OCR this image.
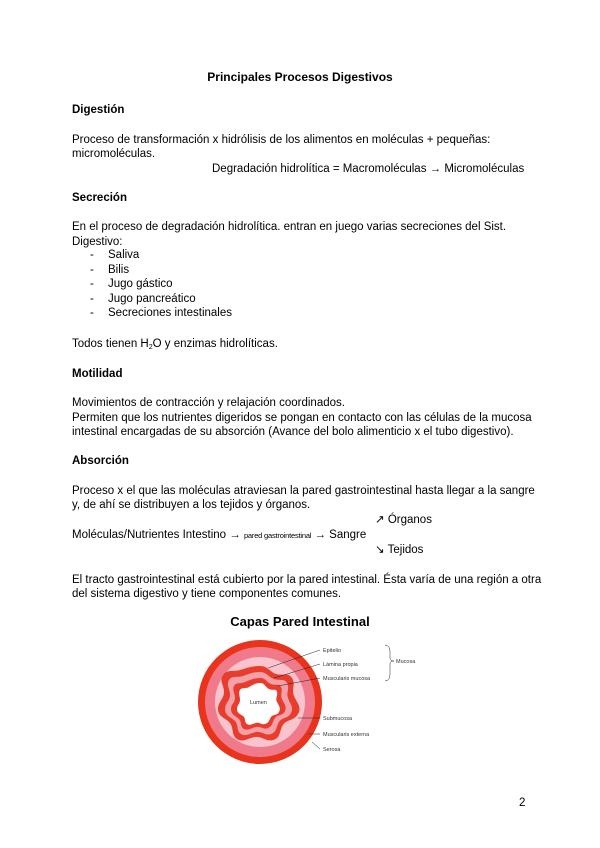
Principales Procesos Digestivos
Digestión
Proceso de transformación x hidrólisis de los alimentos en moléculas + pequeñas:
micromoléculas.
Degradación hidrolítica = Macromoléculas → Micromoléculas
Secreción
En el proceso de degradación hidrolítica. entran en juego varias secreciones del Sist.
Digestivo:
- Saliva
- Bilis
- Jugo gástico
- Jugo pancreático
- Secreciones intestinales
Todos tienen $H_2O$ y enzimas hidrolíticas.
Motilidad
Movimientos de contracción y relajación coordinados.
Permiten que los nutrientes digeridos se pongan en contacto con las células de la mucosa
intestinal encargadas de su absorción (Avance del bolo alimenticio x el tubo digestivo).
Absorción
Proceso x el que las moléculas atraviesan la pared gastrointestinal hasta llegar a la sangre
y, de ahí se distribuyen a los tejidos y órganos.
↗ Órganos
Moléculas/Nutrientes Intestino → pared gastrointestinal → Sangre
↘ Tejidos
El tracto gastrointestinal está cubierto por la pared intestinal. Ésta varía de una región a otra
del sistema digestivo y tiene componentes comunes.
Capas Pared Intestinal
Lumen
Epitelio
Lámina propia
Muscularis mucosa
Mucosa
Submucosa
Muscularis externa
Serosa
2
